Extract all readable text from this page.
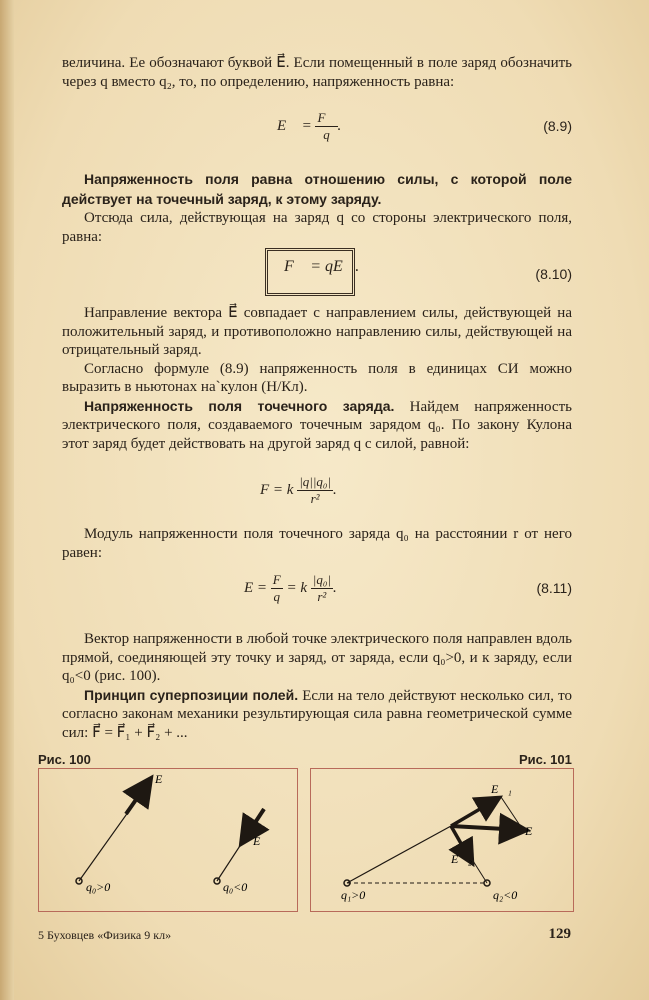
величина. Ее обозначают буквой E⃗. Если помещенный в поле заряд обозначить через q вместо q₂, то, по определению, напряженность равна:

E⃗ = $\frac{F⃗}{q}$ .	(8.9)

Напряженность поля равна отношению силы, с которой поле действует на точечный заряд, к этому заряду.

Отсюда сила, действующая на заряд q со стороны электрического поля, равна:

F⃗ = qE⃗.	(8.10)

Направление вектора E⃗ совпадает с направлением силы, действующей на положительный заряд, и противоположно направлению силы, действующей на отрицательный заряд.

Согласно формуле (8.9) напряженность поля в единицах СИ можно выразить в ньютонах на`кулон (Н/Кл).

Напряженность поля точечного заряда. Найдем напряженность электрического поля, создаваемого точечным зарядом q₀. По закону Кулона этот заряд будет действовать на другой заряд q с силой, равной:

F = k $\frac{\text{|q||q₀|}}{\text{r²}}$ .

Модуль напряженности поля точечного заряда q₀ на расстоянии r от него равен:

$E = \frac{F}{q} = k \frac{\text{|q₀|}}{\text{r²}}$ .	(8.11)

Вектор напряженности в любой точке электрического поля направлен вдоль прямой, соединяющей эту точку и заряд, от заряда, если q₀>0, и к заряду, если q₀<0 (рис. 100).

Принцип суперпозиции полей. Если на тело действуют несколько сил, то согласно законам механики результирующая сила равна геометрической сумме сил: F⃗ = F⃗₁ + F⃗₂ + ...

Рис. 100
E⃗
q₀>0
E⃗
q₀<0
Рис. 101
E⃗₁
E⃗₂
E⃗
q₁>0	q₂<0
5 Буховцев «Физика 9 кл»	129
